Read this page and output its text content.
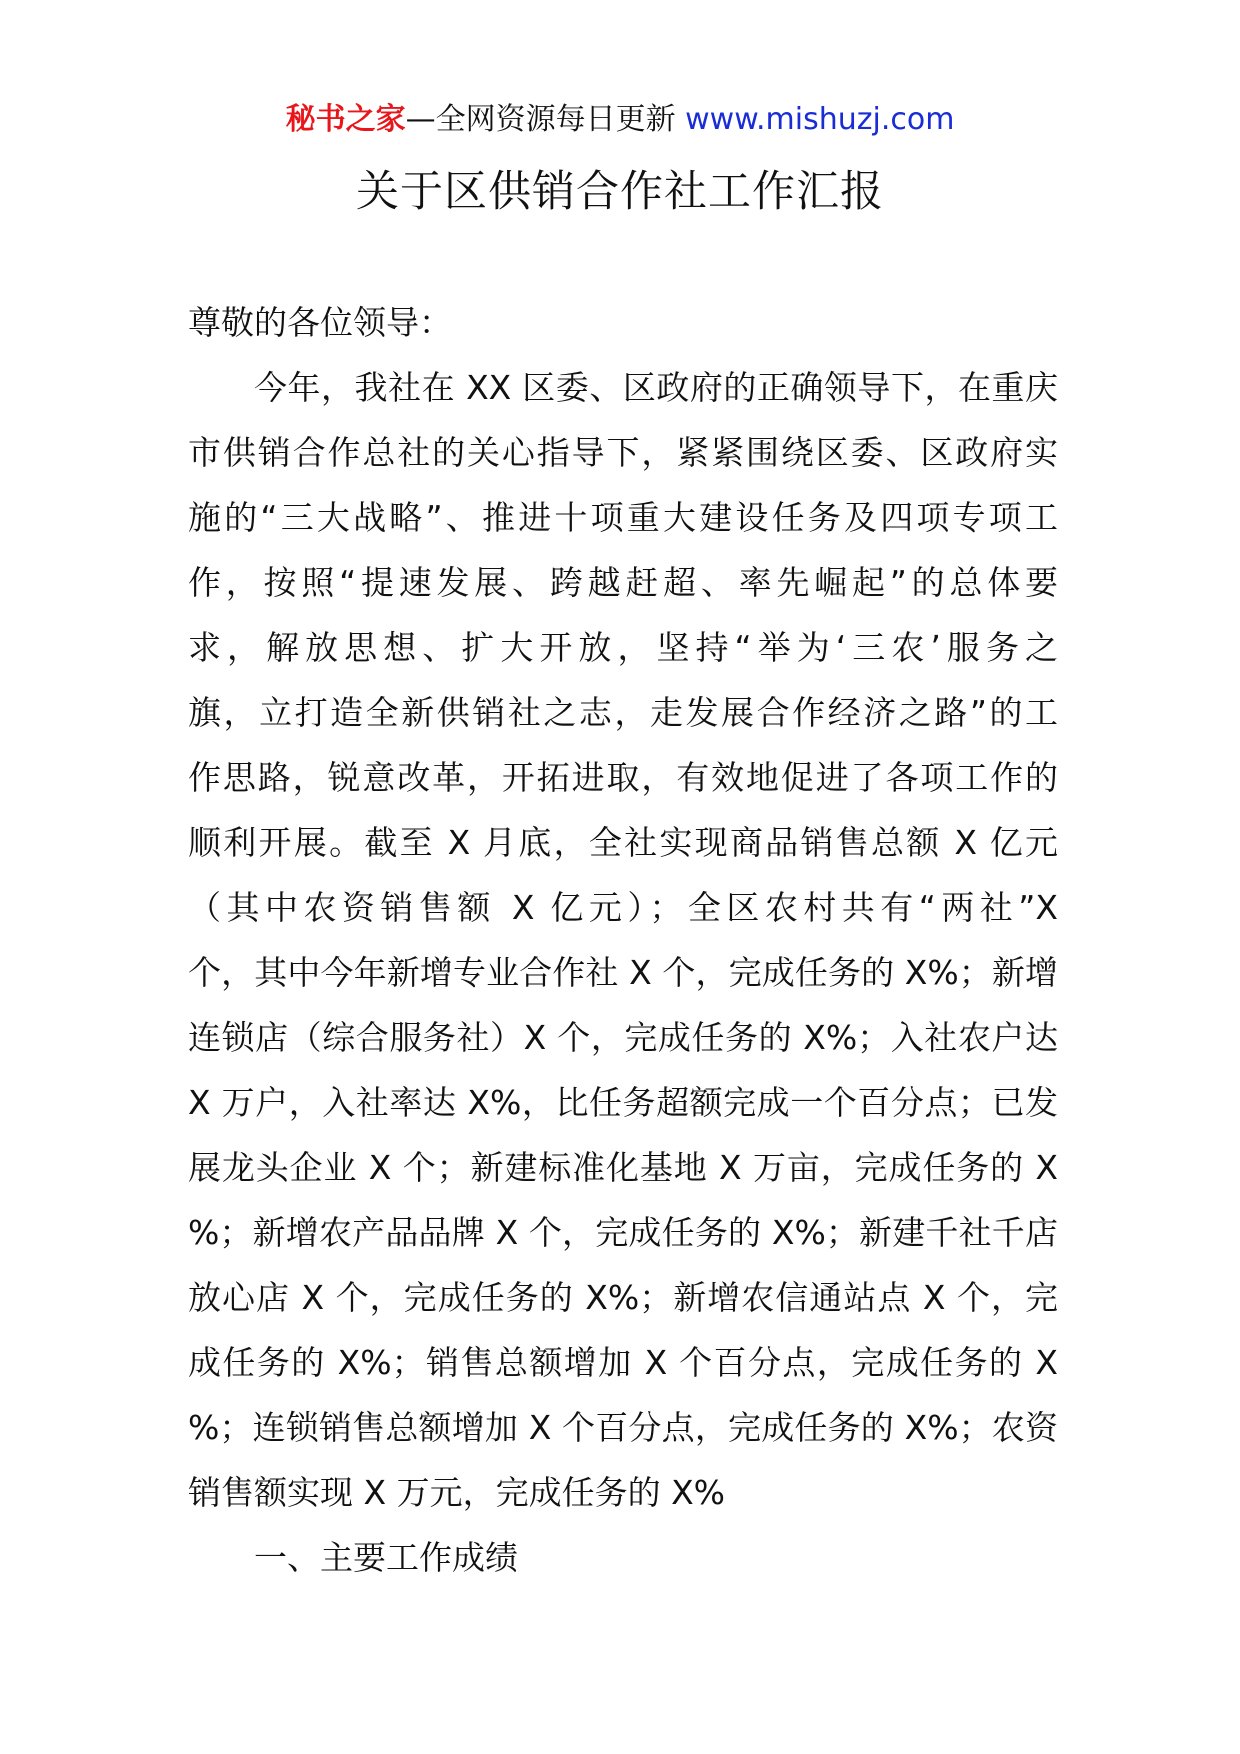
秘书之家—全网资源每日更新 www.mishuzj.com
关于区供销合作社工作汇报
尊敬的各位领导：
今年，我社在 XX 区委、区政府的正确领导下，在重庆
市供销合作总社的关心指导下，紧紧围绕区委、区政府实
施的“三大战略”、推进十项重大建设任务及四项专项工
作，按照“提速发展、跨越赶超、率先崛起”的总体要
求，解放思想、扩大开放，坚持“举为‘三农’服务之
旗，立打造全新供销社之志，走发展合作经济之路”的工
作思路，锐意改革，开拓进取，有效地促进了各项工作的
顺利开展。截至 X 月底，全社实现商品销售总额 X 亿元
（其中农资销售额 X 亿元）；全区农村共有“两社”X
个，其中今年新增专业合作社 X 个，完成任务的 X%；新增
连锁店（综合服务社）X 个，完成任务的 X%；入社农户达
X 万户，入社率达 X%，比任务超额完成一个百分点；已发
展龙头企业 X 个；新建标准化基地 X 万亩，完成任务的 X
%；新增农产品品牌 X 个，完成任务的 X%；新建千社千店
放心店 X 个，完成任务的 X%；新增农信通站点 X 个，完
成任务的 X%；销售总额增加 X 个百分点，完成任务的 X
%；连锁销售总额增加 X 个百分点，完成任务的 X%；农资
销售额实现 X 万元，完成任务的 X%
一、主要工作成绩
